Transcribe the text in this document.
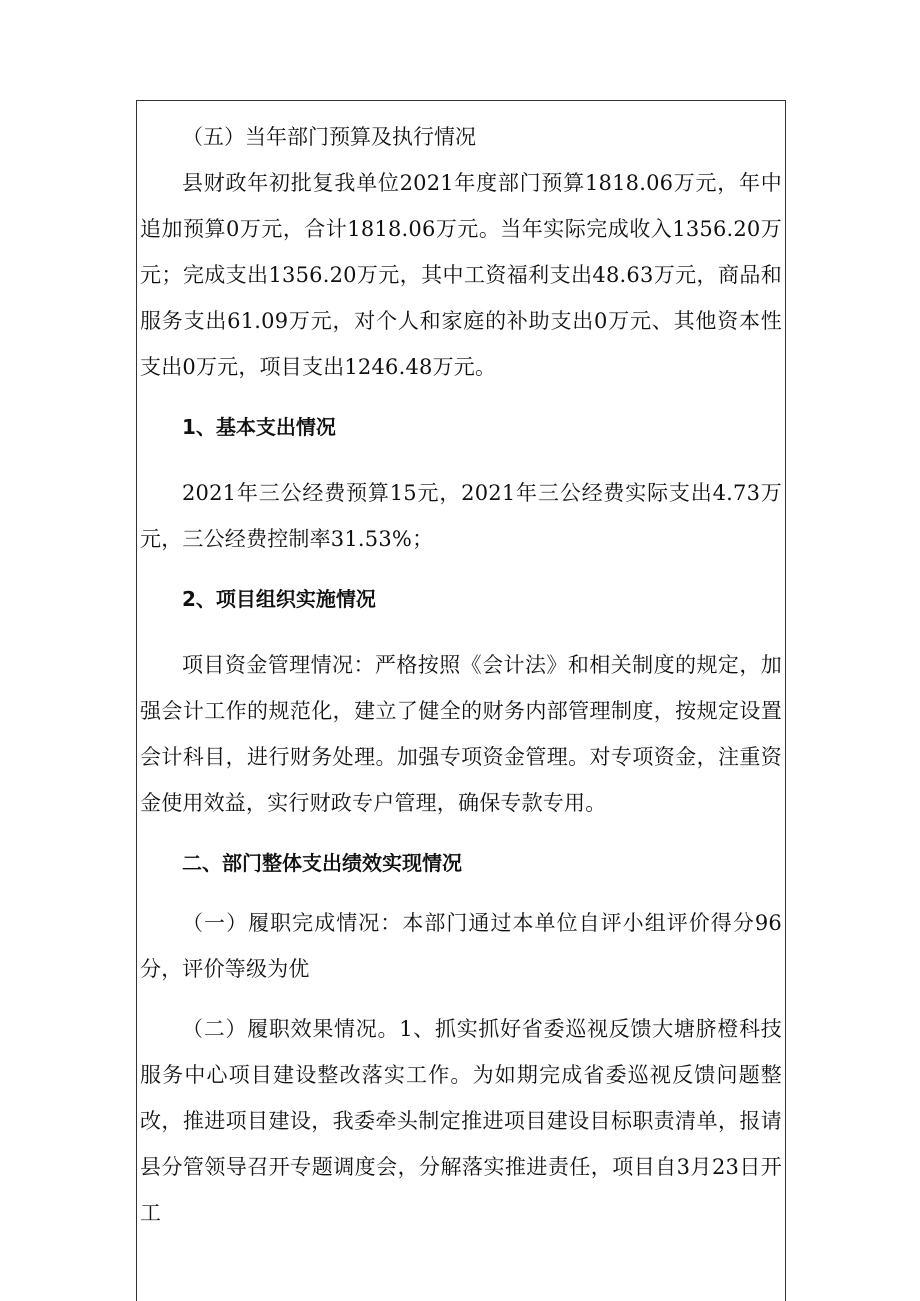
（五）当年部门预算及执行情况

县财政年初批复我单位2021年度部门预算1818.06万元，年中追加预算0万元，合计1818.06万元。当年实际完成收入1356.20万元；完成支出1356.20万元，其中工资福利支出48.63万元，商品和服务支出61.09万元，对个人和家庭的补助支出0万元、其他资本性支出0万元，项目支出1246.48万元。

1、基本支出情况

2021年三公经费预算15元，2021年三公经费实际支出4.73万元，三公经费控制率31.53%；

2、项目组织实施情况

项目资金管理情况：严格按照《会计法》和相关制度的规定，加强会计工作的规范化，建立了健全的财务内部管理制度，按规定设置会计科目，进行财务处理。加强专项资金管理。对专项资金，注重资金使用效益，实行财政专户管理，确保专款专用。

二、部门整体支出绩效实现情况

（一）履职完成情况：本部门通过本单位自评小组评价得分96分，评价等级为优

（二）履职效果情况。1、抓实抓好省委巡视反馈大塘脐橙科技服务中心项目建设整改落实工作。为如期完成省委巡视反馈问题整改，推进项目建设，我委牵头制定推进项目建设目标职责清单，报请县分管领导召开专题调度会，分解落实推进责任，项目自3月23日开工
